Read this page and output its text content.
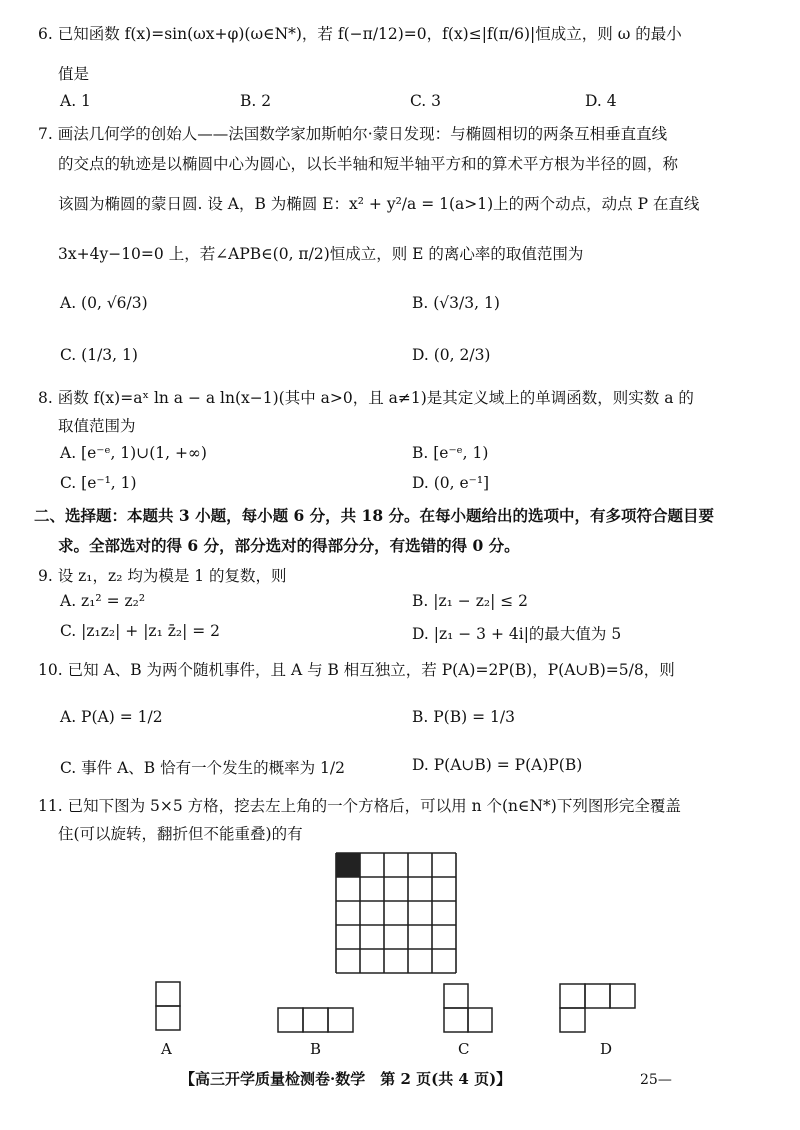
6. 已知函数 f(x)=sin(ωx+φ)(ω∈N*)，若 f(−π/12)=0，f(x)≤|f(π/6)|恒成立，则 ω 的最小
值是
A. 1	B. 2	C. 3	D. 4
7. 画法几何学的创始人——法国数学家加斯帕尔·蒙日发现：与椭圆相切的两条互相垂直直线
的交点的轨迹是以椭圆中心为圆心，以长半轴和短半轴平方和的算术平方根为半径的圆，称
该圆为椭圆的蒙日圆. 设 A，B 为椭圆 E：x² + y²/a = 1(a>1)上的两个动点，动点 P 在直线
3x+4y−10=0 上，若∠APB∈(0, π/2)恒成立，则 E 的离心率的取值范围为
A. (0, √6/3)	B. (√3/3, 1)
C. (1/3, 1)	D. (0, 2/3)
8. 函数 f(x)=aˣ ln a − a ln(x−1)(其中 a>0，且 a≠1)是其定义域上的单调函数，则实数 a 的
取值范围为
A. [e⁻ᵉ, 1)∪(1, +∞)	B. [e⁻ᵉ, 1)
C. [e⁻¹, 1)	D. (0, e⁻¹]
二、选择题：本题共 3 小题，每小题 6 分，共 18 分。在每小题给出的选项中，有多项符合题目要
求。全部选对的得 6 分，部分选对的得部分分，有选错的得 0 分。
9. 设 z₁，z₂ 均为模是 1 的复数，则
A. z₁² = z₂²	B. |z₁ − z₂| ≤ 2
C. |z₁z₂| + |z₁ z̄₂| = 2	D. |z₁ − 3 + 4i|的最大值为 5
10. 已知 A、B 为两个随机事件，且 A 与 B 相互独立，若 P(A)=2P(B)，P(A∪B)=5/8，则
A. P(A) = 1/2	B. P(B) = 1/3
C. 事件 A、B 恰有一个发生的概率为 1/2	D. P(A∪B) = P(A)P(B)
11. 已知下图为 5×5 方格，挖去左上角的一个方格后，可以用 n 个(n∈N*)下列图形完全覆盖
住(可以旋转，翻折但不能重叠)的有
A	B	C	D
【高三开学质量检测卷·数学　第 2 页(共 4 页)】	25—
